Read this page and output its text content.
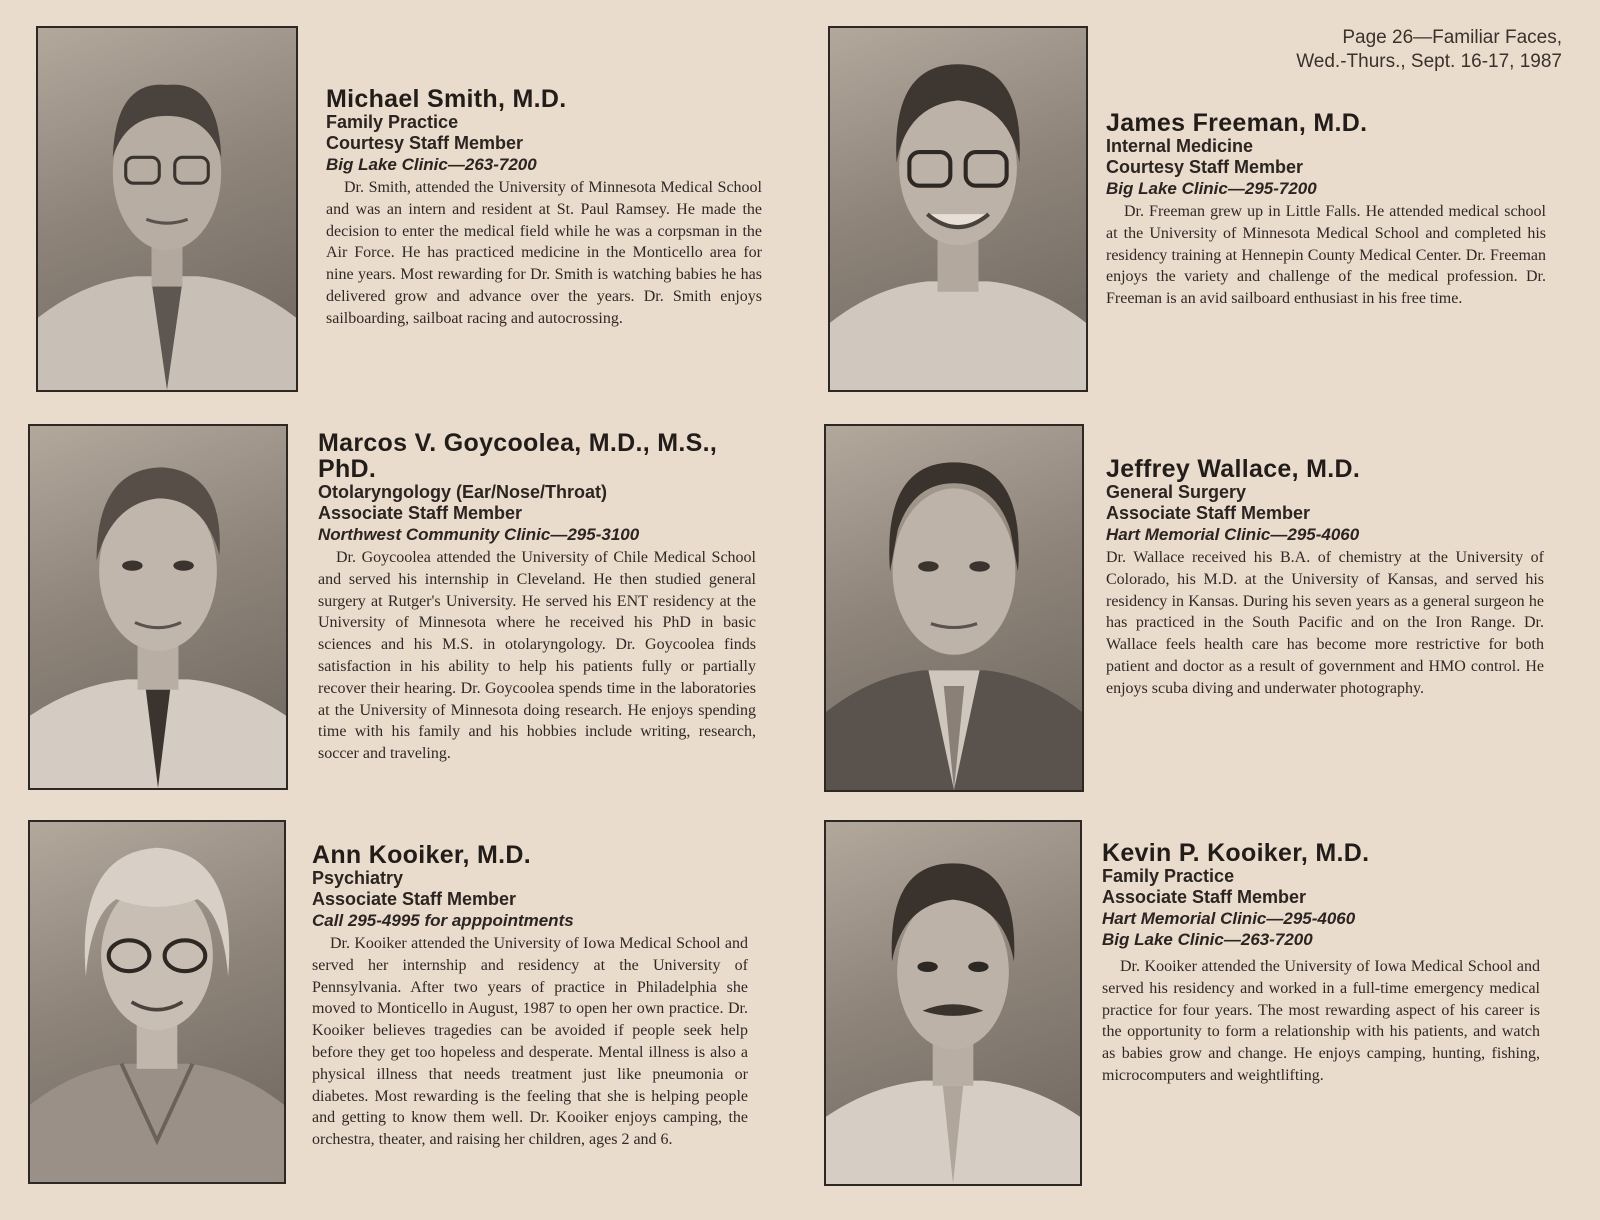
Page 26—Familiar Faces,
Wed.-Thurs., Sept. 16-17, 1987
Michael Smith, M.D.
Family Practice
Courtesy Staff Member
Big Lake Clinic—263-7200
Dr. Smith, attended the University of Minnesota Medical School and was an intern and resident at St. Paul Ramsey. He made the decision to enter the medical field while he was a corpsman in the Air Force. He has practiced medicine in the Monticello area for nine years. Most rewarding for Dr. Smith is watching babies he has delivered grow and advance over the years. Dr. Smith enjoys sailboarding, sailboat racing and autocrossing.
James Freeman, M.D.
Internal Medicine
Courtesy Staff Member
Big Lake Clinic—295-7200
Dr. Freeman grew up in Little Falls. He attended medical school at the University of Minnesota Medical School and completed his residency training at Hennepin County Medical Center. Dr. Freeman enjoys the variety and challenge of the medical profession. Dr. Freeman is an avid sailboard enthusiast in his free time.
Marcos V. Goycoolea, M.D., M.S., PhD.
Otolaryngology (Ear/Nose/Throat)
Associate Staff Member
Northwest Community Clinic—295-3100
Dr. Goycoolea attended the University of Chile Medical School and served his internship in Cleveland. He then studied general surgery at Rutger's University. He served his ENT residency at the University of Minnesota where he received his PhD in basic sciences and his M.S. in otolaryngology. Dr. Goycoolea finds satisfaction in his ability to help his patients fully or partially recover their hearing. Dr. Goycoolea spends time in the laboratories at the University of Minnesota doing research. He enjoys spending time with his family and his hobbies include writing, research, soccer and traveling.
Jeffrey Wallace, M.D.
General Surgery
Associate Staff Member
Hart Memorial Clinic—295-4060
Dr. Wallace received his B.A. of chemistry at the University of Colorado, his M.D. at the University of Kansas, and served his residency in Kansas. During his seven years as a general surgeon he has practiced in the South Pacific and on the Iron Range. Dr. Wallace feels health care has become more restrictive for both patient and doctor as a result of government and HMO control. He enjoys scuba diving and underwater photography.
Ann Kooiker, M.D.
Psychiatry
Associate Staff Member
Call 295-4995 for apppointments
Dr. Kooiker attended the University of Iowa Medical School and served her internship and residency at the University of Pennsylvania. After two years of practice in Philadelphia she moved to Monticello in August, 1987 to open her own practice. Dr. Kooiker believes tragedies can be avoided if people seek help before they get too hopeless and desperate. Mental illness is also a physical illness that needs treatment just like pneumonia or diabetes. Most rewarding is the feeling that she is helping people and getting to know them well. Dr. Kooiker enjoys camping, the orchestra, theater, and raising her children, ages 2 and 6.
Kevin P. Kooiker, M.D.
Family Practice
Associate Staff Member
Hart Memorial Clinic—295-4060
Big Lake Clinic—263-7200
Dr. Kooiker attended the University of Iowa Medical School and served his residency and worked in a full-time emergency medical practice for four years. The most rewarding aspect of his career is the opportunity to form a relationship with his patients, and watch as babies grow and change. He enjoys camping, hunting, fishing, microcomputers and weightlifting.
